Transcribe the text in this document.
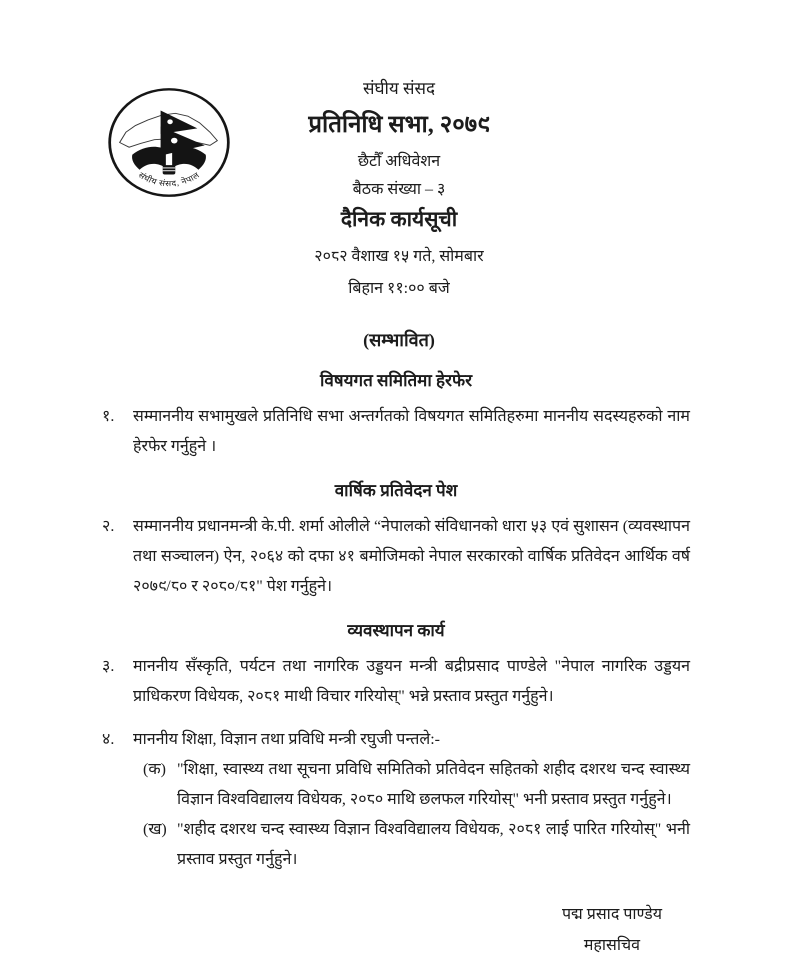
संघीय संसद, नेपाल
संघीय संसद
प्रतिनिधि सभा, २०७९
छैटौँ अधिवेशन
बैठक संख्या – ३
दैनिक कार्यसूची
२०८२ वैशाख १५ गते, सोमबार
बिहान ११:०० बजे
(सम्भावित)
विषयगत समितिमा हेरफेर
१.	सम्माननीय सभामुखले प्रतिनिधि सभा अन्तर्गतको विषयगत समितिहरुमा माननीय सदस्यहरुको नाम हेरफेर गर्नुहुने ।
वार्षिक प्रतिवेदन पेश
२.	सम्माननीय प्रधानमन्त्री के.पी. शर्मा ओलीले “नेपालको संविधानको धारा ५३ एवं सुशासन (व्यवस्थापन तथा सञ्चालन) ऐन, २०६४ को दफा ४१ बमोजिमको नेपाल सरकारको वार्षिक प्रतिवेदन आर्थिक वर्ष २०७९/८० र २०८०/८१" पेश गर्नुहुने।
व्यवस्थापन कार्य
३.	माननीय सँस्कृति, पर्यटन तथा नागरिक उड्डयन मन्त्री बद्रीप्रसाद पाण्डेले "नेपाल नागरिक उड्डयन प्राधिकरण विधेयक, २०८१ माथी विचार गरियोस्" भन्ने प्रस्ताव प्रस्तुत गर्नुहुने।
४.	माननीय शिक्षा, विज्ञान तथा प्रविधि मन्त्री रघुजी पन्तले:-
(क) "शिक्षा, स्वास्थ्य तथा सूचना प्रविधि समितिको प्रतिवेदन सहितको शहीद दशरथ चन्द स्वास्थ्य विज्ञान विश्वविद्यालय विधेयक, २०८० माथि छलफल गरियोस्" भनी प्रस्ताव प्रस्तुत गर्नुहुने।
(ख) "शहीद दशरथ चन्द स्वास्थ्य विज्ञान विश्वविद्यालय विधेयक, २०८१ लाई पारित गरियोस्" भनी प्रस्ताव प्रस्तुत गर्नुहुने।
पद्म प्रसाद पाण्डेय
महासचिव
